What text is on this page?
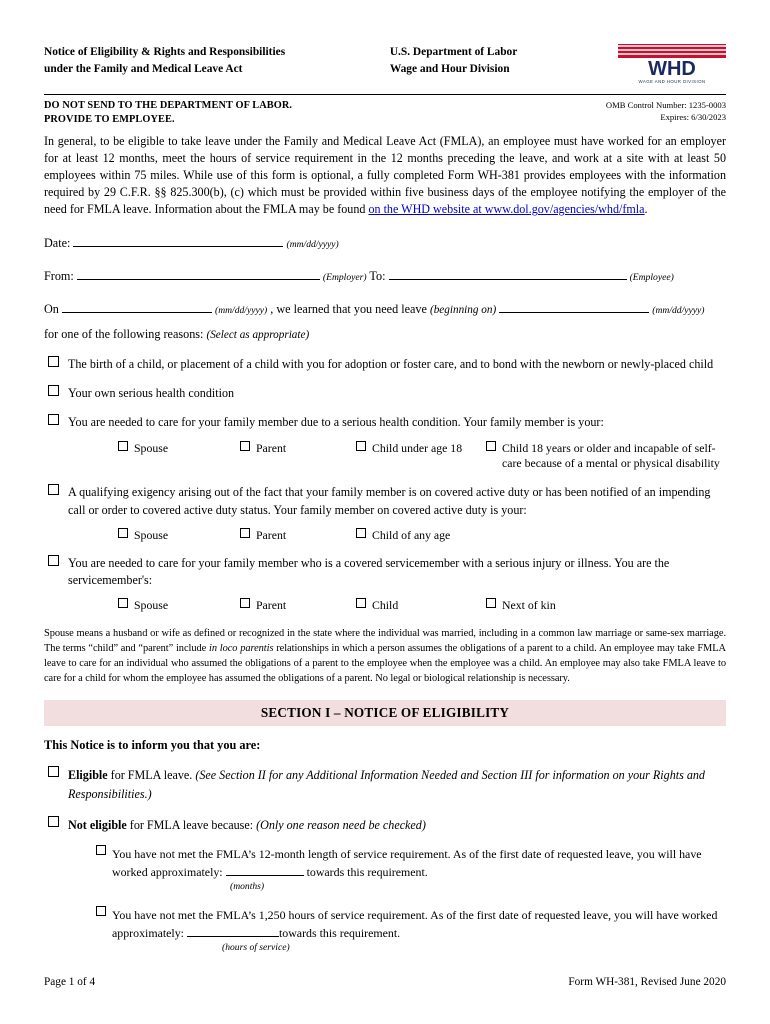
Notice of Eligibility & Rights and Responsibilities
under the Family and Medical Leave Act
U.S. Department of Labor
Wage and Hour Division	WHD
WAGE AND HOUR DIVISION
DO NOT SEND TO THE DEPARTMENT OF LABOR.
PROVIDE TO EMPLOYEE.
OMB Control Number: 1235-0003
Expires: 6/30/2023
In general, to be eligible to take leave under the Family and Medical Leave Act (FMLA), an employee must have worked for an employer for at least 12 months, meet the hours of service requirement in the 12 months preceding the leave, and work at a site with at least 50 employees within 75 miles. While use of this form is optional, a fully completed Form WH-381 provides employees with the information required by 29 C.F.R. §§ 825.300(b), (c) which must be provided within five business days of the employee notifying the employer of the need for FMLA leave. Information about the FMLA may be found on the WHD website at www.dol.gov/agencies/whd/fmla.
Date:	(mm/dd/yyyy)
From:	(Employer) To:	(Employee)
On	(mm/dd/yyyy) , we learned that you need leave (beginning on)	(mm/dd/yyyy)
for one of the following reasons: (Select as appropriate)
The birth of a child, or placement of a child with you for adoption or foster care, and to bond with the newborn or newly-placed child
Your own serious health condition
You are needed to care for your family member due to a serious health condition. Your family member is your:
Spouse	Parent	Child under age 18	Child 18 years or older and incapable of self-care because of a mental or physical disability
A qualifying exigency arising out of the fact that your family member is on covered active duty or has been notified of an impending call or order to covered active duty status. Your family member on covered active duty is your:
Spouse	Parent	Child of any age
You are needed to care for your family member who is a covered servicemember with a serious injury or illness. You are the servicemember's:
Spouse	Parent	Child	Next of kin
Spouse means a husband or wife as defined or recognized in the state where the individual was married, including in a common law marriage or same-sex marriage. The terms “child” and “parent” include in loco parentis relationships in which a person assumes the obligations of a parent to a child. An employee may take FMLA leave to care for an individual who assumed the obligations of a parent to the employee when the employee was a child. An employee may also take FMLA leave to care for a child for whom the employee has assumed the obligations of a parent. No legal or biological relationship is necessary.
SECTION I – NOTICE OF ELIGIBILITY
This Notice is to inform you that you are:
Eligible for FMLA leave. (See Section II for any Additional Information Needed and Section III for information on your Rights and Responsibilities.)
Not eligible for FMLA leave because: (Only one reason need be checked)
You have not met the FMLA’s 12-month length of service requirement. As of the first date of requested leave, you will have worked approximately:	towards this requirement.
(months)
You have not met the FMLA’s 1,250 hours of service requirement. As of the first date of requested leave, you will have worked approximately:	towards this requirement.
(hours of service)
Page 1 of 4	Form WH-381, Revised June 2020
